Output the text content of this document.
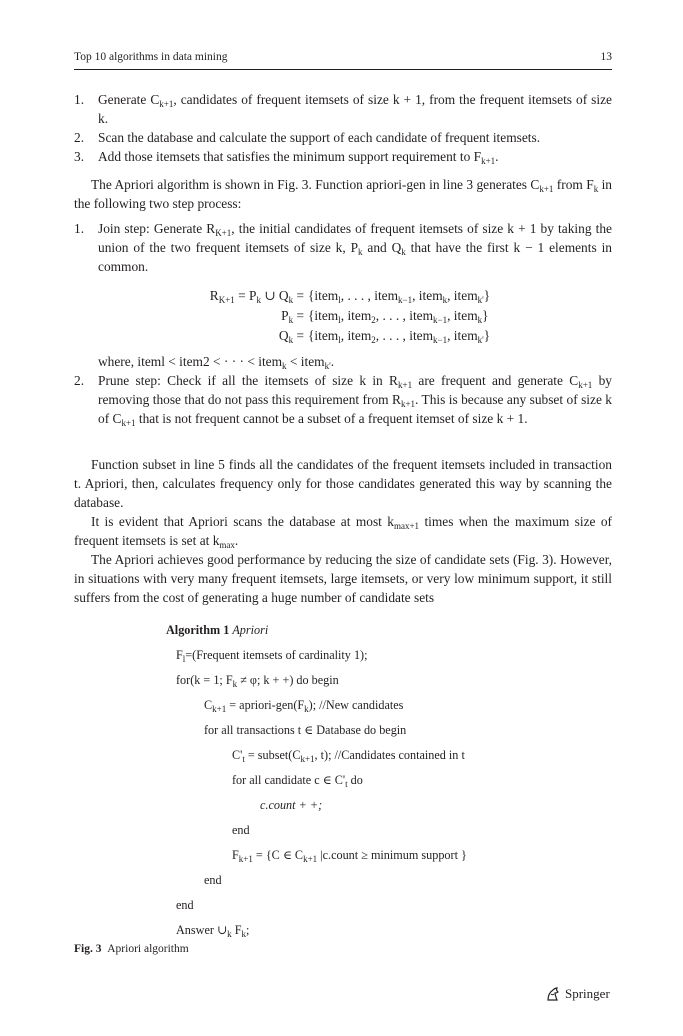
Top 10 algorithms in data mining	13
1. Generate $C_{k+1}$, candidates of frequent itemsets of size k + 1, from the frequent itemsets of size k.
2. Scan the database and calculate the support of each candidate of frequent itemsets.
3. Add those itemsets that satisfies the minimum support requirement to $F_{k+1}$.

The Apriori algorithm is shown in Fig. 3. Function apriori-gen in line 3 generates $C_{k+1}$ from $F_k$ in the following two step process:

1. Join step: Generate $R_{K+1}$, the initial candidates of frequent itemsets of size k + 1 by taking the union of the two frequent itemsets of size k, $P_k$ and $Q_k$ that have the first k − 1 elements in common.
$R_{K+1} = P_k$ ∪ $Q_k$ = {item$_l$, . . . , item$_{k-1}$, item$_k$, item$_{k'}$}
$P_k$ = {item$_l$, item$_2$, . . . , item$_{k-1}$, item$_k$}
$Q_k$ = {item$_l$, item$_2$, . . . , item$_{k-1}$, item$_{k'}$}
where, iteml < item2 < · · · < item$_k$ < item$_{k'}$.
2. Prune step: Check if all the itemsets of size k in $R_{k+1}$ are frequent and generate $C_{k+1}$ by removing those that do not pass this requirement from $R_{k+1}$. This is because any subset of size k of $C_{k+1}$ that is not frequent cannot be a subset of a frequent itemset of size k + 1.

Function subset in line 5 finds all the candidates of the frequent itemsets included in transaction t. Apriori, then, calculates frequency only for those candidates generated this way by scanning the database.

It is evident that Apriori scans the database at most $k_{max+1}$ times when the maximum size of frequent itemsets is set at $k_{max}$.

The Apriori achieves good performance by reducing the size of candidate sets (Fig. 3). However, in situations with very many frequent itemsets, large itemsets, or very low minimum support, it still suffers from the cost of generating a huge number of candidate sets

Algorithm 1 Apriori
$F_l=(Frequent$ itemsets of cardinality 1);
for(k = 1; $F_k \ne \varphi$; k + +) do begin
$C_{k+1}$ = apriori-$gen(F_k)$; //New candidates
for all transactions t ∈ Database do begin
$C'_t$ = $subset(C_{k+1}$, t); //Candidates contained in t
for all candidate c ∈ $C'_t$ do
c.count + +;
end
$F_{k+1} = \{C$ ∈ $C_{k+1}$ |c.count ≥ minimum support }
end
end
Answer $\cup_k$ $F_k$;
Fig. 3 Apriori algorithm
Springer
